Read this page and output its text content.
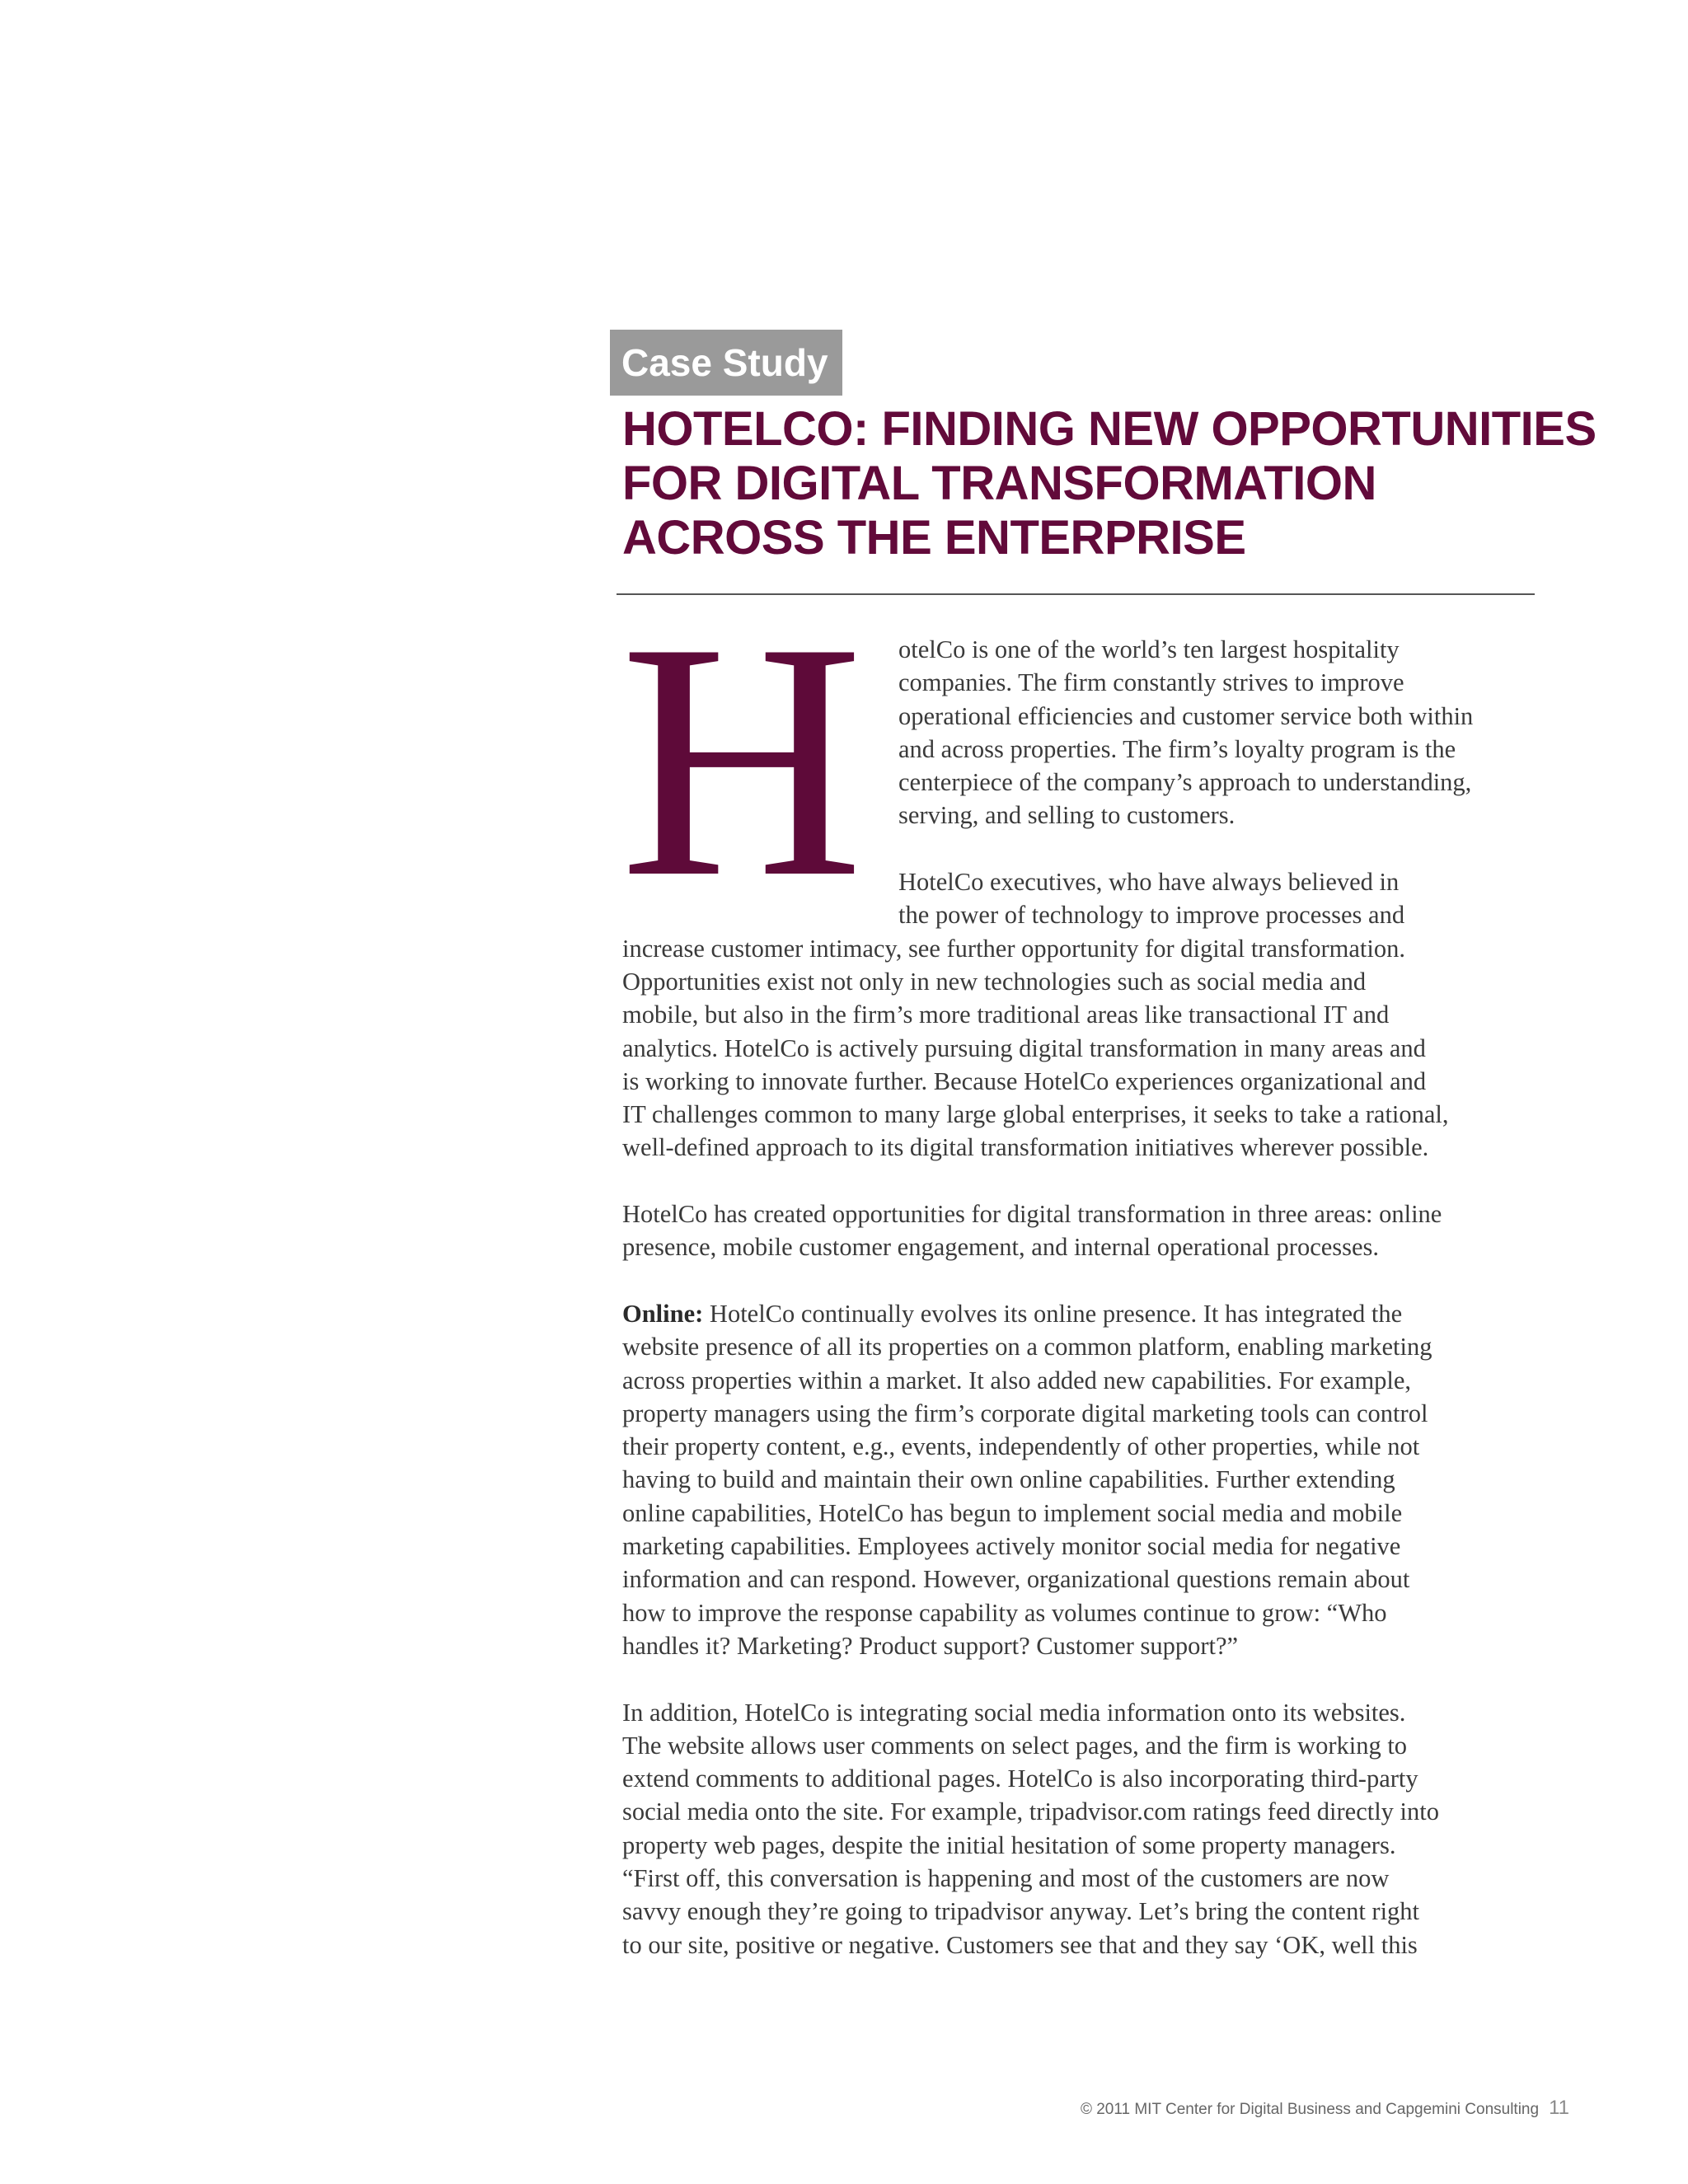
Case Study
HOTELCO: FINDING NEW OPPORTUNITIES
FOR DIGITAL TRANSFORMATION
ACROSS THE ENTERPRISE
H	otelCo is one of the world’s ten largest hospitality
companies. The firm constantly strives to improve
operational efficiencies and customer service both within
and across properties. The firm’s loyalty program is the
centerpiece of the company’s approach to understanding,
serving, and selling to customers.

HotelCo executives, who have always believed in
the power of technology to improve processes and
increase customer intimacy, see further opportunity for digital transformation.
Opportunities exist not only in new technologies such as social media and
mobile, but also in the firm’s more traditional areas like transactional IT and
analytics. HotelCo is actively pursuing digital transformation in many areas and
is working to innovate further. Because HotelCo experiences organizational and
IT challenges common to many large global enterprises, it seeks to take a rational,
well-defined approach to its digital transformation initiatives wherever possible.

HotelCo has created opportunities for digital transformation in three areas: online
presence, mobile customer engagement, and internal operational processes.

Online: HotelCo continually evolves its online presence. It has integrated the
website presence of all its properties on a common platform, enabling marketing
across properties within a market. It also added new capabilities. For example,
property managers using the firm’s corporate digital marketing tools can control
their property content, e.g., events, independently of other properties, while not
having to build and maintain their own online capabilities. Further extending
online capabilities, HotelCo has begun to implement social media and mobile
marketing capabilities. Employees actively monitor social media for negative
information and can respond. However, organizational questions remain about
how to improve the response capability as volumes continue to grow: “Who
handles it? Marketing? Product support? Customer support?”

In addition, HotelCo is integrating social media information onto its websites.
The website allows user comments on select pages, and the firm is working to
extend comments to additional pages. HotelCo is also incorporating third-party
social media onto the site. For example, tripadvisor.com ratings feed directly into
property web pages, despite the initial hesitation of some property managers.
“First off, this conversation is happening and most of the customers are now
savvy enough they’re going to tripadvisor anyway. Let’s bring the content right
to our site, positive or negative. Customers see that and they say ‘OK, well this

© 2011 MIT Center for Digital Business and Capgemini Consulting 11
